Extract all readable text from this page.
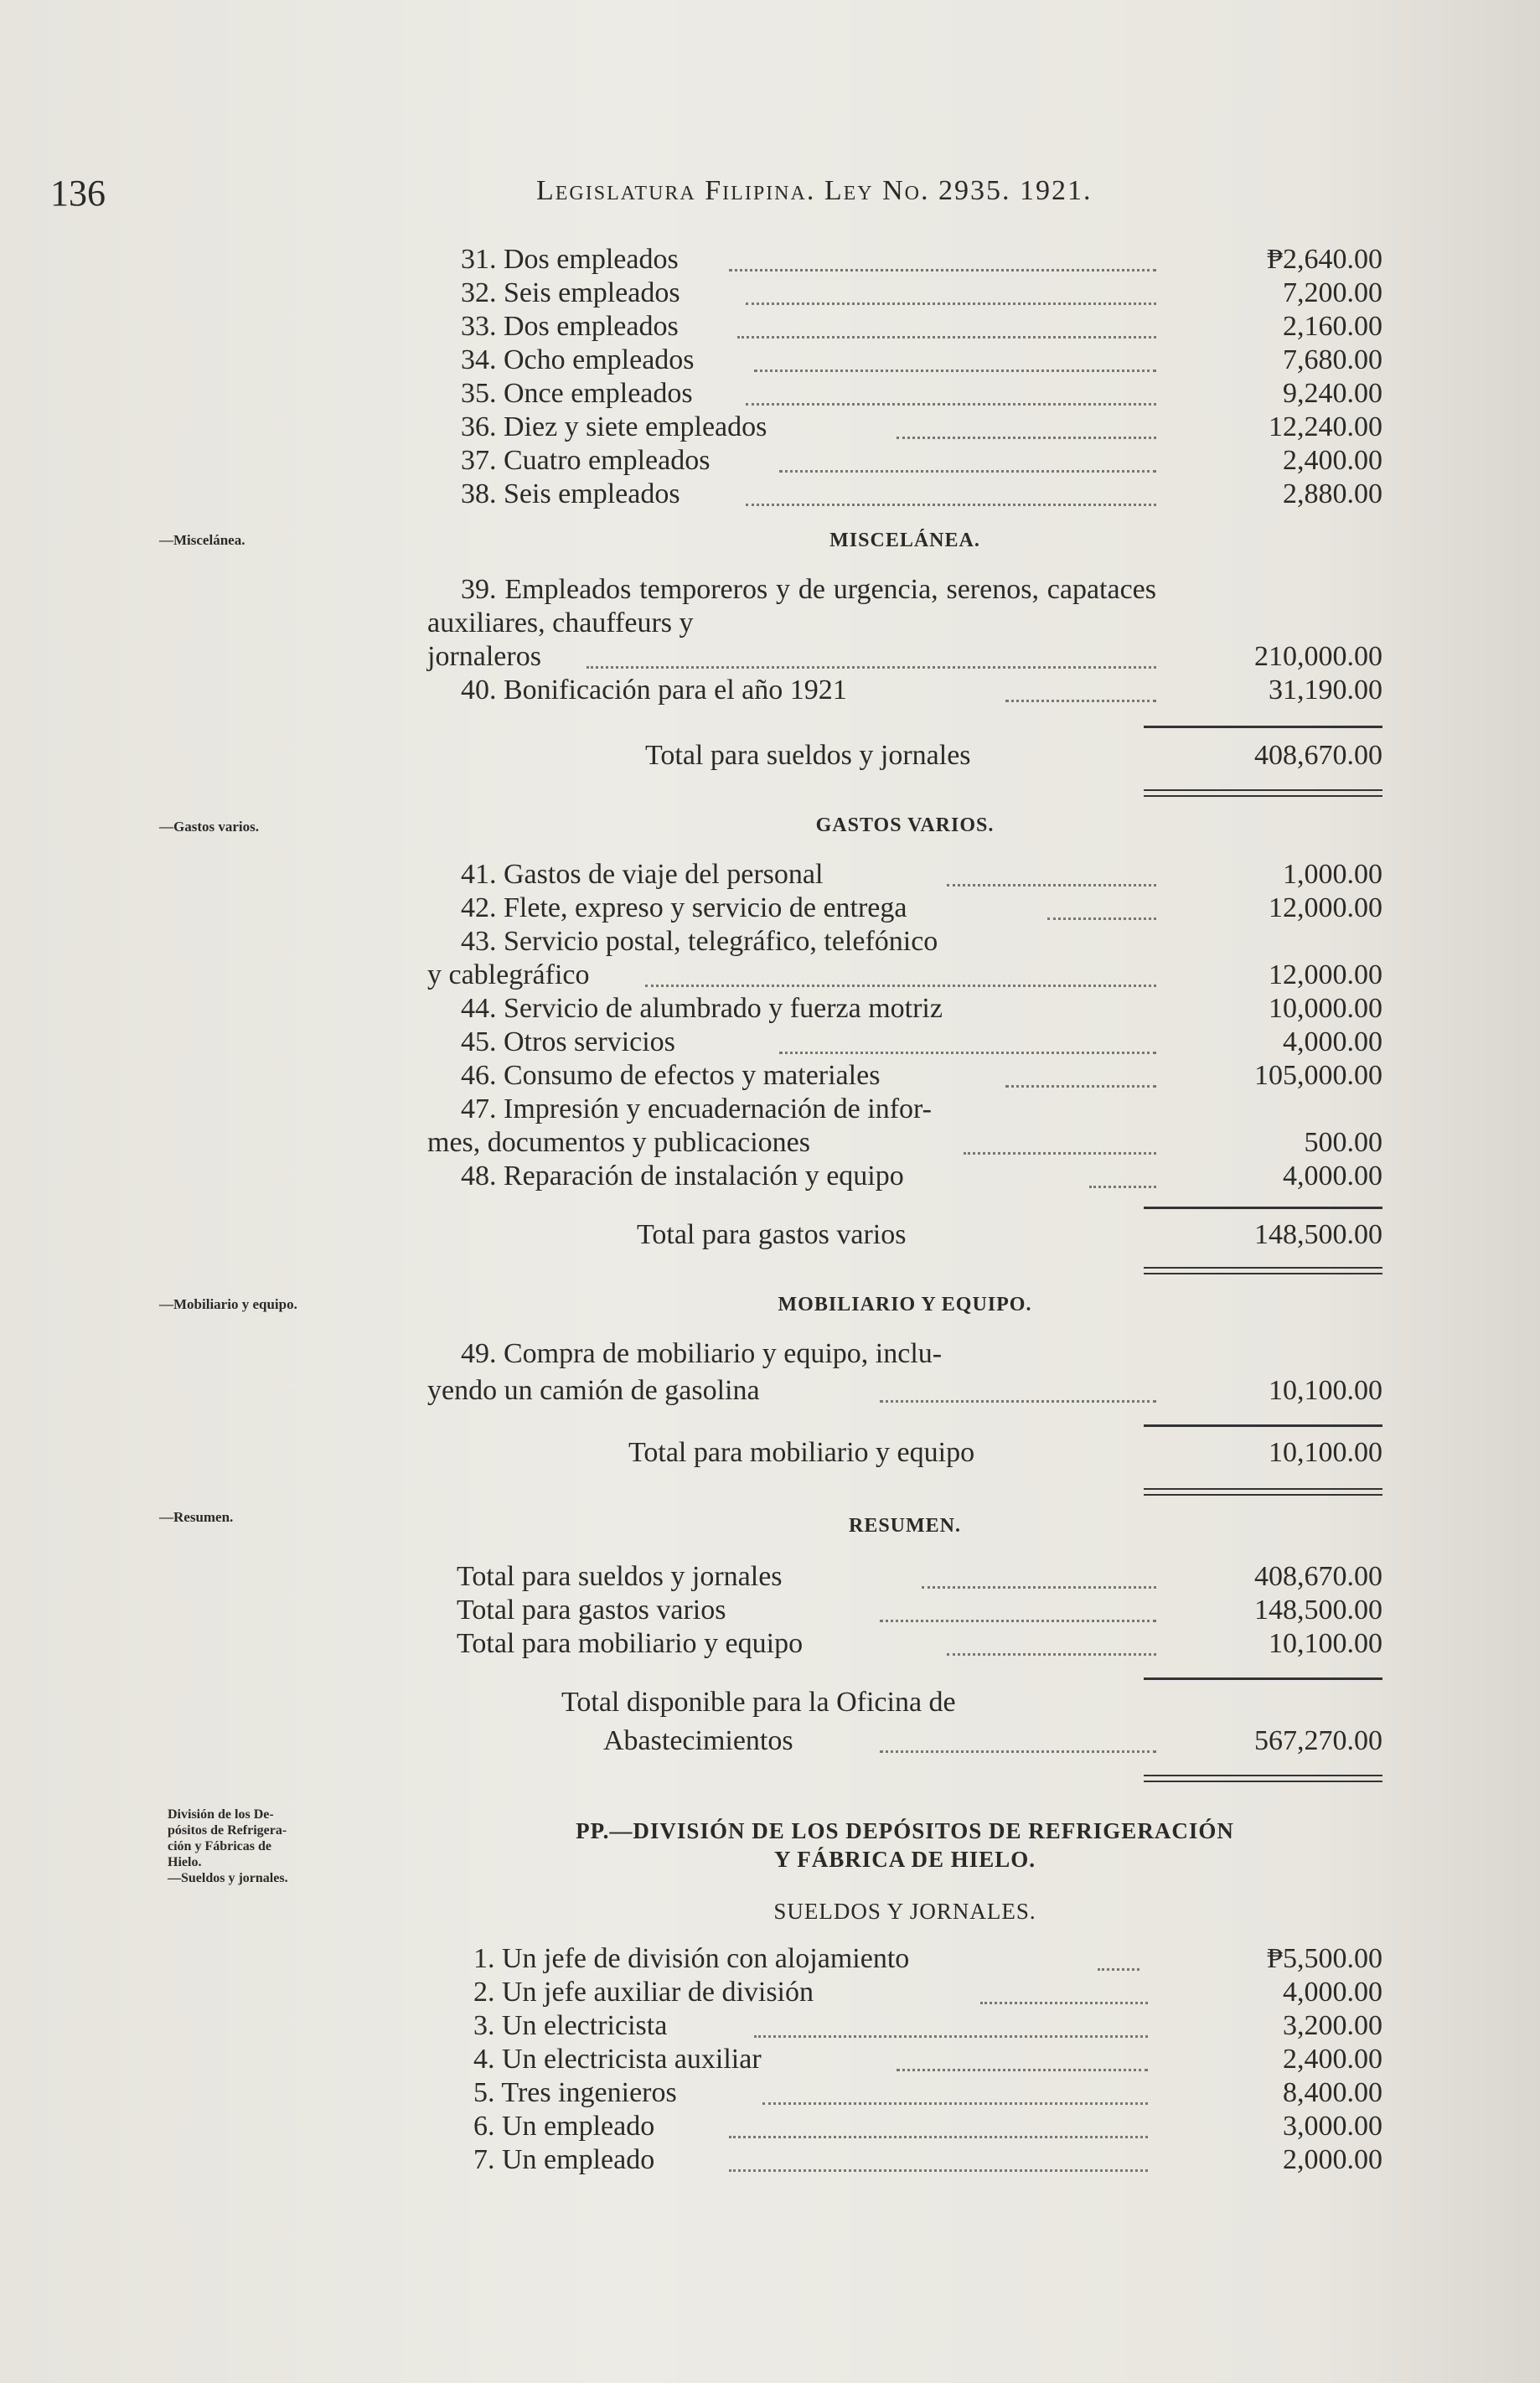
136	Legislatura Filipina. Ley No. 2935. 1921.
31. Dos empleados	₱2,640.00
32. Seis empleados	7,200.00
33. Dos empleados	2,160.00
34. Ocho empleados	7,680.00
35. Once empleados	9,240.00
36. Diez y siete empleados	12,240.00
37. Cuatro empleados	2,400.00
38. Seis empleados	2,880.00
—Miscelánea.	MISCELÁNEA.
39. Empleados temporeros y de urgencia, serenos, capataces auxiliares, chauffeurs y
jornaleros	210,000.00
40. Bonificación para el año 1921	31,190.00
Total para sueldos y jornales	408,670.00
—Gastos varios.	GASTOS VARIOS.
41. Gastos de viaje del personal	1,000.00
42. Flete, expreso y servicio de entrega	12,000.00
43. Servicio postal, telegráfico, telefónico
y cablegráfico	12,000.00
44. Servicio de alumbrado y fuerza motriz	10,000.00
45. Otros servicios	4,000.00
46. Consumo de efectos y materiales	105,000.00
47. Impresión y encuadernación de infor-
mes, documentos y publicaciones	500.00
48. Reparación de instalación y equipo	4,000.00
Total para gastos varios	148,500.00
—Mobiliario y equipo.	MOBILIARIO Y EQUIPO.
49. Compra de mobiliario y equipo, inclu-
yendo un camión de gasolina	10,100.00
Total para mobiliario y equipo	10,100.00
—Resumen.	RESUMEN.
Total para sueldos y jornales	408,670.00
Total para gastos varios	148,500.00
Total para mobiliario y equipo	10,100.00
Total disponible para la Oficina de
Abastecimientos	567,270.00
División de los De-
pósitos de Refrigera-
ción y Fábricas de
Hielo.
—Sueldos y jornales.
PP.—DIVISIÓN DE LOS DEPÓSITOS DE REFRIGERACIÓN
Y FÁBRICA DE HIELO.
SUELDOS Y JORNALES.
1. Un jefe de división con alojamiento	₱5,500.00
2. Un jefe auxiliar de división	4,000.00
3. Un electricista	3,200.00
4. Un electricista auxiliar	2,400.00
5. Tres ingenieros	8,400.00
6. Un empleado	3,000.00
7. Un empleado	2,000.00
